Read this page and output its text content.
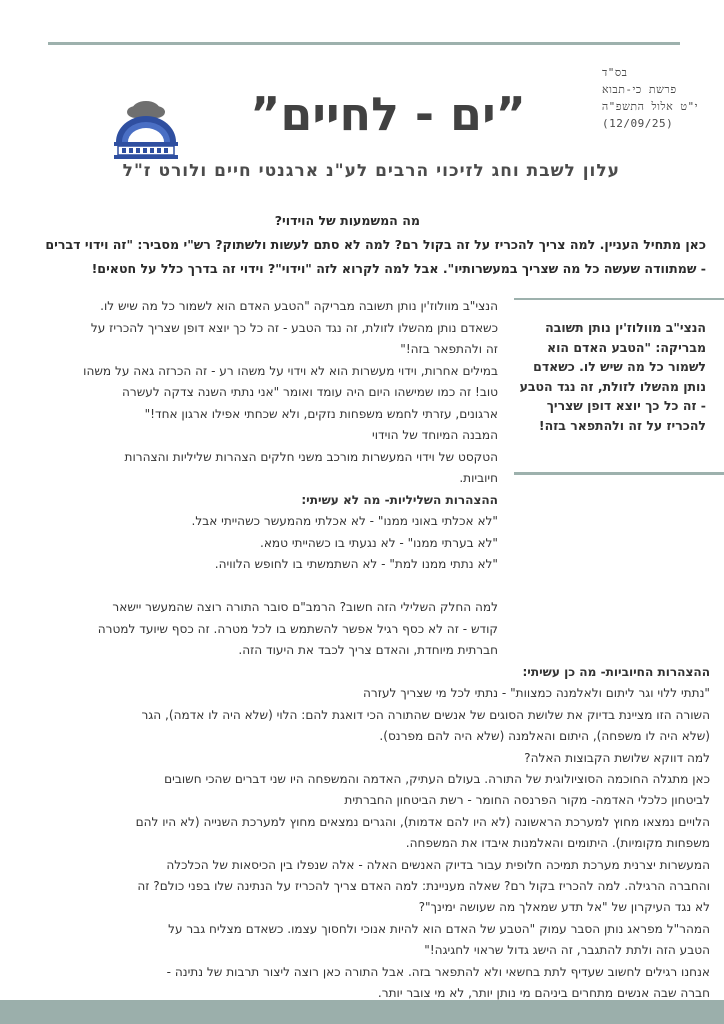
בס"ד
פרשת כי-תבוא
י"ט אלול התשפ"ה
(12/09/25)
”ים - לחיים”
עלון לשבת וחג לזיכוי הרבים לע"נ ארגנטי חיים ולורט ז"ל
מה המשמעות של הוידוי?
כאן מתחיל העניין. למה צריך להכריז על זה בקול רם? למה לא סתם לעשות ולשתוק? רש"י מסביר: "זה וידוי דברים
- שמתוודה שעשה כל מה שצריך במעשרותיו". אבל למה לקרוא לזה "וידוי"? וידוי זה בדרך כלל על חטאים!
הנצי"ב מוולוז'ין נותן תשובה מבריקה: "הטבע האדם הוא לשמור כל מה שיש לו. כשאדם נותן מהשלו לזולת, זה נגד הטבע - זה כל כך יוצא דופן שצריך להכריז על זה ולהתפאר בזה!
הנצי"ב מוולוז'ין נותן תשובה מבריקה "הטבע האדם הוא לשמור כל מה שיש לו.
כשאדם נותן מהשלו לזולת, זה נגד הטבע - זה כל כך יוצא דופן שצריך להכריז על
זה ולהתפאר בזה!"
במילים אחרות, וידוי מעשרות הוא לא וידוי על משהו רע - זה הכרזה גאה על משהו
טוב! זה כמו שמישהו היום היה עומד ואומר "אני נתתי השנה צדקה לעשרה
ארגונים, עזרתי לחמש משפחות נזקים, ולא שכחתי אפילו ארגון אחד!"
המבנה המיוחד של הוידוי
הטקסט של וידוי המעשרות מורכב משני חלקים הצהרות שליליות והצהרות
חיוביות.
ההצהרות השליליות- מה לא עשיתי:
"לא אכלתי באוני ממנו" - לא אכלתי מהמעשר כשהייתי אבל.
"לא בערתי ממנו" - לא נגעתי בו כשהייתי טמא.
"לא נתתי ממנו למת" - לא השתמשתי בו לחופש הלוויה.
למה החלק השלילי הזה חשוב? הרמב"ם סובר התורה רוצה שהמעשר יישאר
קודש - זה לא כסף רגיל אפשר להשתמש בו לכל מטרה. זה כסף שיועד למטרה
חברתית מיוחדת, והאדם צריך לכבד את היעוד הזה.
ההצהרות החיוביות- מה כן עשיתי:
"נתתי ללוי וגר ליתום ולאלמנה כמצוות" - נתתי לכל מי שצריך לעזרה
השורה הזו מציינת בדיוק את שלושת הסוגים של אנשים שהתורה הכי דואגת להם: הלוי (שלא היה לו אדמה), הגר
(שלא היה לו משפחה), היתום והאלמנה (שלא היה להם מפרנס).
למה דווקא שלושת הקבוצות האלה?
כאן מתגלה החוכמה הסוציולוגית של התורה. בעולם העתיק, האדמה והמשפחה היו שני דברים שהכי חשובים
לביטחון כלכלי האדמה- מקור הפרנסה החומר - רשת הביטחון החברתית
הלויים נמצאו מחוץ למערכת הראשונה (לא היו להם אדמות), והגרים נמצאים מחוץ למערכת השנייה (לא היו להם
משפחות מקומיות). היתומים והאלמנות איבדו את המשפחה.
המעשרות יצרנית מערכת תמיכה חלופית עבור בדיוק האנשים האלה - אלה שנפלו בין הכיסאות של הכלכלה
והחברה הרגילה. למה להכריז בקול רם? שאלה מעניינת: למה האדם צריך להכריז על הנתינה שלו בפני כולם? זה
לא נגד העיקרון של "אל תדע שמאלך מה שעושה ימינך"?
המהר"ל מפראג נותן הסבר עמוק "הטבע של האדם הוא להיות אנוכי ולחסוך עצמו. כשאדם מצליח גבר על
הטבע הזה ולתת להתגבר, זה הישג גדול שראוי לחגיגה!"
אנחנו רגילים לחשוב שעדיף לתת בחשאי ולא להתפאר בזה. אבל התורה כאן רוצה ליצור תרבות של נתינה -
חברה שבה אנשים מתחרים ביניהם מי נותן יותר, לא מי צובר יותר.
